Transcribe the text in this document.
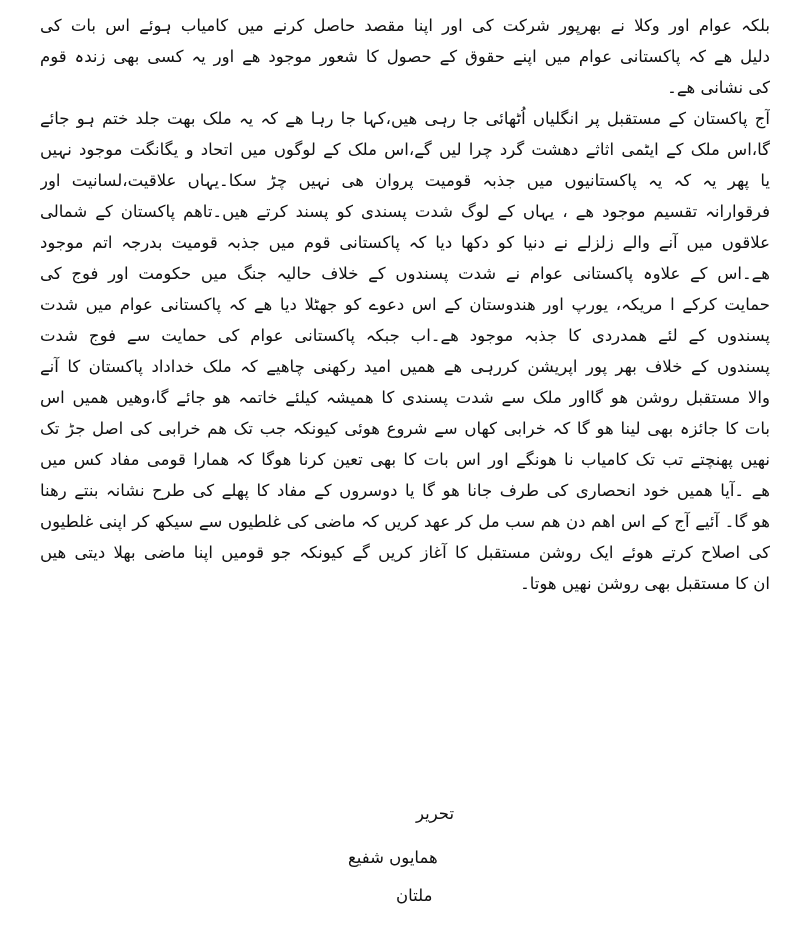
بلکہ عوام اور وکلا نے بھرپور شرکت کی اور اپنا مقصد حاصل کرنے میں کامیاب ہوئے اس بات کی
دلیل ھے کہ پاکستانی عوام میں اپنے حقوق کے حصول کا شعور موجود ھے اور یہ کسی بھی زندہ قوم
کی نشانی ھے۔
آج پاکستان کے مستقبل پر انگلیاں اُٹھائی جا رہی ھیں،کہا جا رہا ھے کہ یہ ملک بھت جلد ختم ہو جائے
گا،اس ملک کے ایٹمی اثاثے دھشت گرد چرا لیں گے،اس ملک کے لوگوں میں اتحاد و یگانگت موجود نہیں
یا پھر یہ کہ یہ پاکستانیوں میں جذبہ قومیت پروان ھی نہیں چڑ سکا۔یہاں علاقیت،لسانیت اور
فرقوارانہ تقسیم موجود ھے ، یہاں کے لوگ شدت پسندی کو پسند کرتے ھیں۔تاھم پاکستان کے شمالی
علاقوں میں آنے والے زلزلے نے دنیا کو دکھا دیا کہ پاکستانی قوم میں جذبہ قومیت بدرجہ اتم موجود
ھے۔اس کے علاوہ پاکستانی عوام نے شدت پسندوں کے خلاف حالیہ جنگ میں حکومت اور فوج کی
حمایت کرکے ا مریکہ، یورپ اور ھندوستان کے اس دعوے کو جھٹلا دیا ھے کہ پاکستانی عوام میں شدت
پسندوں کے لئے ھمدردی کا جذبہ موجود ھے۔اب جبکہ پاکستانی عوام کی حمایت سے فوج شدت
پسندوں کے خلاف بھر پور اپریشن کررہی ھے ھمیں امید رکھنی چاھیے کہ ملک خداداد پاکستان کا آنے
والا مستقبل روشن ھو گااور ملک سے شدت پسندی کا ھمیشہ کیلئے خاتمہ ھو جائے گا،وھیں ھمیں اس
بات کا جائزہ بھی لینا ھو گا کہ خرابی کھاں سے شروع ھوئی کیونکہ جب تک ھم خرابی کی اصل جڑ تک
نھیں پھنچتے تب تک کامیاب نا ھونگے اور اس بات کا بھی تعین کرنا ھوگا کہ ھمارا قومی مفاد کس میں
ھے ۔آیا ھمیں خود انحصاری کی طرف جانا ھو گا یا دوسروں کے مفاد کا پھلے کی طرح نشانہ بنتے رھنا
ھو گا۔ آئیے آج کے اس اھم دن ھم سب مل کر عھد کریں کہ ماضی کی غلطیوں سے سیکھ کر اپنی غلطیوں
کی اصلاح کرتے ھوئے ایک روشن مستقبل کا آغاز کریں گے کیونکہ جو قومیں اپنا ماضی بھلا دیتی ھیں
ان کا مستقبل بھی روشن نھیں ھوتا۔
تحریر
ھمایوں شفیع
ملتان
